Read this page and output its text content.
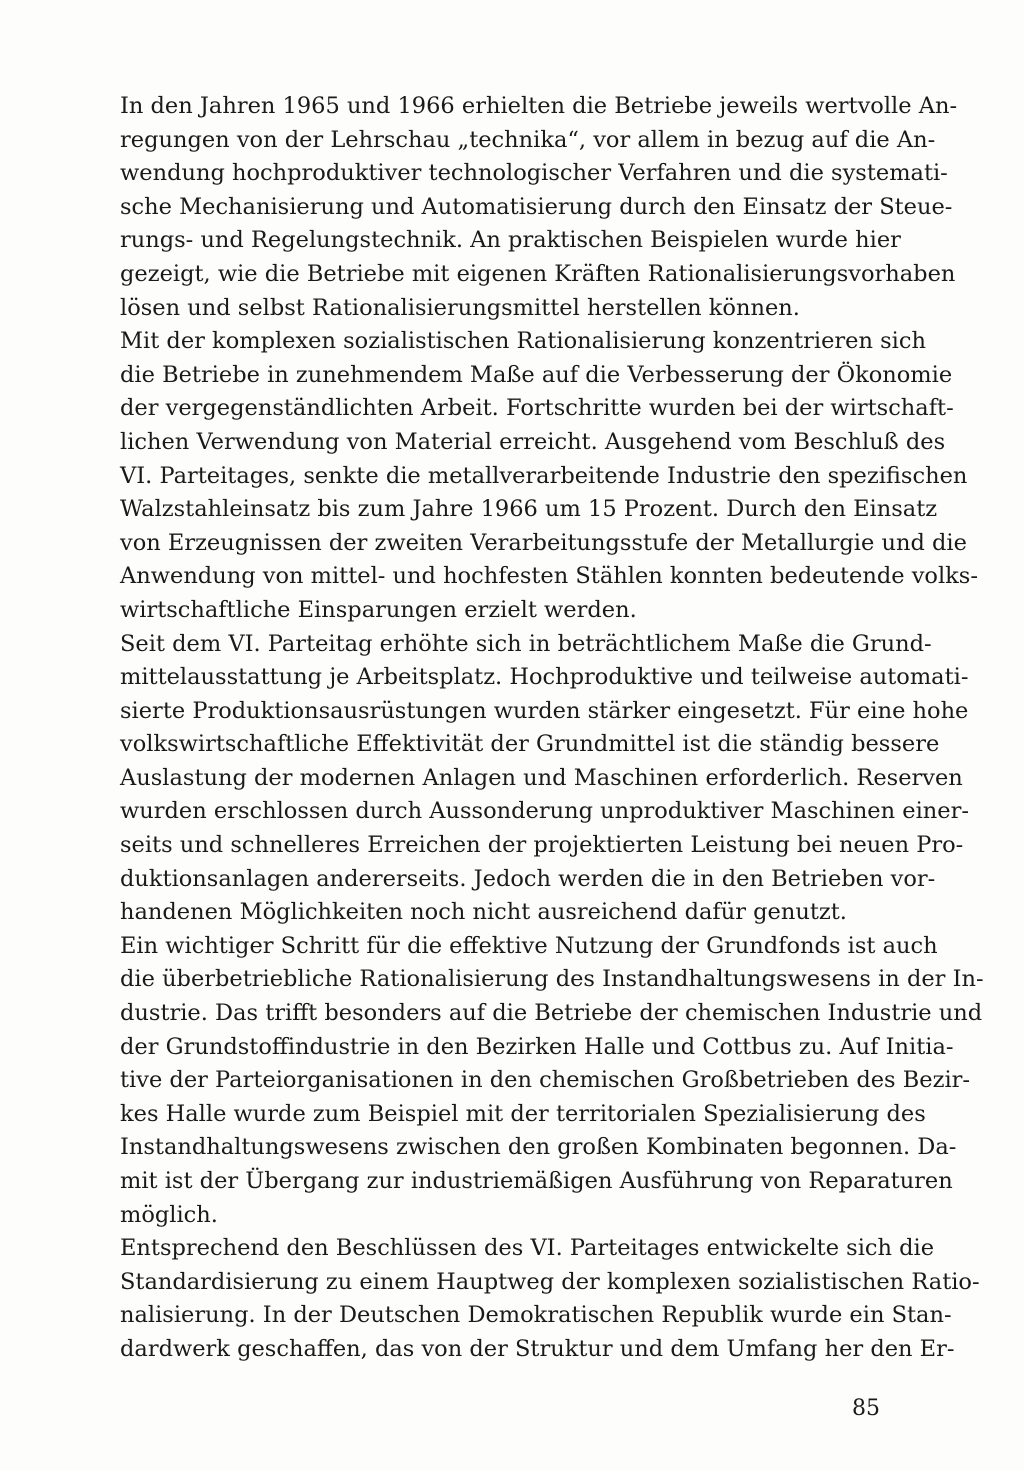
In den Jahren 1965 und 1966 erhielten die Betriebe jeweils wertvolle An-
regungen von der Lehrschau „technika“, vor allem in bezug auf die An-
wendung hochproduktiver technologischer Verfahren und die systemati-
sche Mechanisierung und Automatisierung durch den Einsatz der Steue-
rungs- und Regelungstechnik. An praktischen Beispielen wurde hier
gezeigt, wie die Betriebe mit eigenen Kräften Rationalisierungsvorhaben
lösen und selbst Rationalisierungsmittel herstellen können.
Mit der komplexen sozialistischen Rationalisierung konzentrieren sich
die Betriebe in zunehmendem Maße auf die Verbesserung der Ökonomie
der vergegenständlichten Arbeit. Fortschritte wurden bei der wirtschaft-
lichen Verwendung von Material erreicht. Ausgehend vom Beschluß des
VI. Parteitages, senkte die metallverarbeitende Industrie den spezifischen
Walzstahleinsatz bis zum Jahre 1966 um 15 Prozent. Durch den Einsatz
von Erzeugnissen der zweiten Verarbeitungsstufe der Metallurgie und die
Anwendung von mittel- und hochfesten Stählen konnten bedeutende volks-
wirtschaftliche Einsparungen erzielt werden.
Seit dem VI. Parteitag erhöhte sich in beträchtlichem Maße die Grund-
mittelausstattung je Arbeitsplatz. Hochproduktive und teilweise automati-
sierte Produktionsausrüstungen wurden stärker eingesetzt. Für eine hohe
volkswirtschaftliche Effektivität der Grundmittel ist die ständig bessere
Auslastung der modernen Anlagen und Maschinen erforderlich. Reserven
wurden erschlossen durch Aussonderung unproduktiver Maschinen einer-
seits und schnelleres Erreichen der projektierten Leistung bei neuen Pro-
duktionsanlagen andererseits. Jedoch werden die in den Betrieben vor-
handenen Möglichkeiten noch nicht ausreichend dafür genutzt.
Ein wichtiger Schritt für die effektive Nutzung der Grundfonds ist auch
die überbetriebliche Rationalisierung des Instandhaltungswesens in der In-
dustrie. Das trifft besonders auf die Betriebe der chemischen Industrie und
der Grundstoffindustrie in den Bezirken Halle und Cottbus zu. Auf Initia-
tive der Parteiorganisationen in den chemischen Großbetrieben des Bezir-
kes Halle wurde zum Beispiel mit der territorialen Spezialisierung des
Instandhaltungswesens zwischen den großen Kombinaten begonnen. Da-
mit ist der Übergang zur industriemäßigen Ausführung von Reparaturen
möglich.
Entsprechend den Beschlüssen des VI. Parteitages entwickelte sich die
Standardisierung zu einem Hauptweg der komplexen sozialistischen Ratio-
nalisierung. In der Deutschen Demokratischen Republik wurde ein Stan-
dardwerk geschaffen, das von der Struktur und dem Umfang her den Er-
85
